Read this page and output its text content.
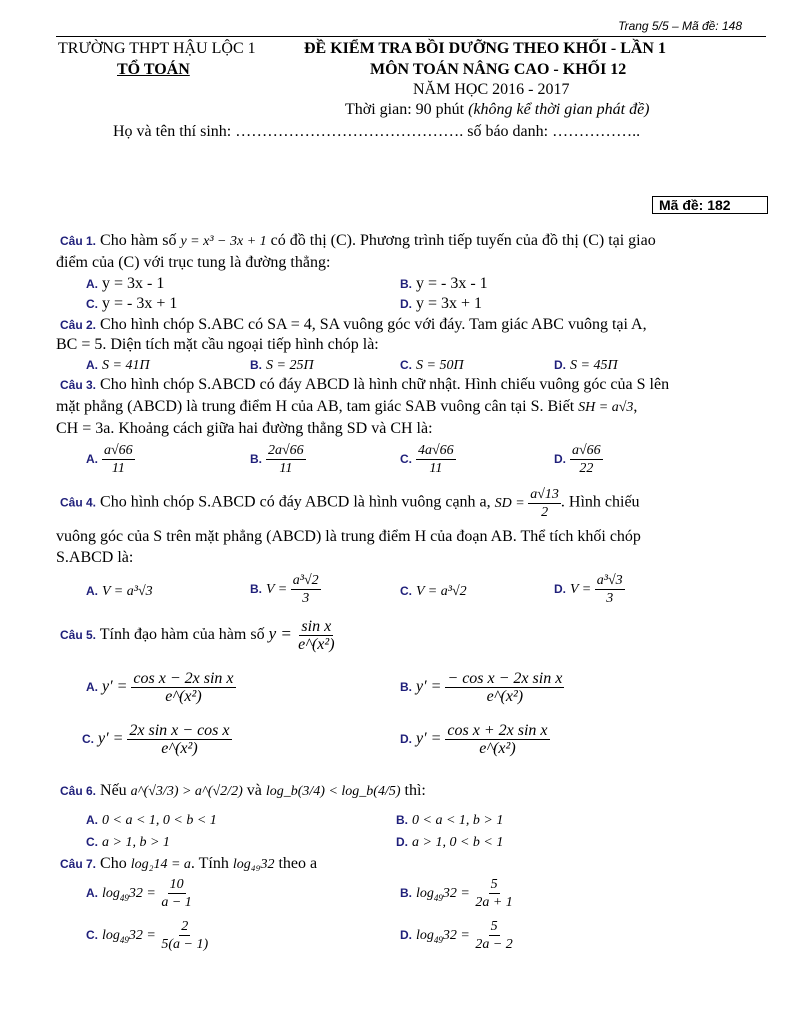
Trang 5/5 – Mã đề: 148
TRƯỜNG THPT HẬU LỘC 1
TỔ TOÁN
ĐỀ KIỂM TRA BỒI DƯỠNG THEO KHỐI - LẦN 1
MÔN TOÁN NÂNG CAO - KHỐI 12
NĂM HỌC 2016 - 2017
Thời gian: 90 phút (không kể thời gian phát đề)
Họ và tên thí sinh: ……………………………………. số báo danh: ……………..
Mã đề: 182
Câu 1. Cho hàm số y = x³ − 3x + 1 có đồ thị (C). Phương trình tiếp tuyến của đồ thị (C) tại giao
điểm của (C) với trục tung là đường thẳng:
A. y = 3x - 1	B. y = - 3x - 1
C. y = - 3x + 1	D. y = 3x + 1
Câu 2. Cho hình chóp S.ABC có SA = 4, SA vuông góc với đáy. Tam giác ABC vuông tại A,
BC = 5. Diện tích mặt cầu ngoại tiếp hình chóp là:
A. S = 41Π	B. S = 25Π	C. S = 50Π	D. S = 45Π
Câu 3. Cho hình chóp S.ABCD có đáy ABCD là hình chữ nhật. Hình chiếu vuông góc của S lên
mặt phẳng (ABCD) là trung điểm H của AB, tam giác SAB vuông cân tại S. Biết SH = a√3,
CH = 3a. Khoảng cách giữa hai đường thẳng SD và CH là:
A. $\frac{a√66}{11}$	B. $\frac{2a√66}{11}$	C. $\frac{4a√66}{11}$	D. $\frac{a√66}{22}$
Câu 4. Cho hình chóp S.ABCD có đáy ABCD là hình vuông cạnh a, SD = $\frac{a√13}{2}$ . Hình chiếu
vuông góc của S trên mặt phẳng (ABCD) là trung điểm H của đoạn AB. Thể tích khối chóp
S.ABCD là:
A. V = a³√3	B. $V = \frac{\text{a³√2}}{3}$	C. V = a³√2	D. $V = \frac{\text{a³√3}}{3}$
Câu 5. Tính đạo hàm của hàm số $y = \frac{\text{sin x}}{\text{e\textasciicircum{}(x²)}}$
A. $y' = \frac{\text{cos x − 2x sin x}}{\text{e\textasciicircum{}(x²)}}$	B. $y' = \frac{\text{− cos x − 2x sin x}}{\text{e\textasciicircum{}(x²)}}$
C. $y' = \frac{\text{2x sin x − cos x}}{\text{e\textasciicircum{}(x²)}}$	D. $y' = \frac{\text{cos x + 2x sin x}}{\text{e\textasciicircum{}(x²)}}$
Câu 6. Nếu a^(√3/3) > a^(√2/2) và log_b(3/4) < log_b(4/5) thì:
A. 0 < a < 1, 0 < b < 1	B. 0 < a < 1, b > 1
C. a > 1, b > 1	D. a > 1, 0 < b < 1
Câu 7. Cho log₂14 = a. Tính log₄₉32 theo a
A. $\log_{49}32 = \frac{10}{a - 1}$	B. $\log_{49}32 = \frac{5}{2a + 1}$
C. $\log_{49}32 = \frac{2}{5(a - 1)}$	D. $\log_{49}32 = \frac{5}{2a - 2}$
